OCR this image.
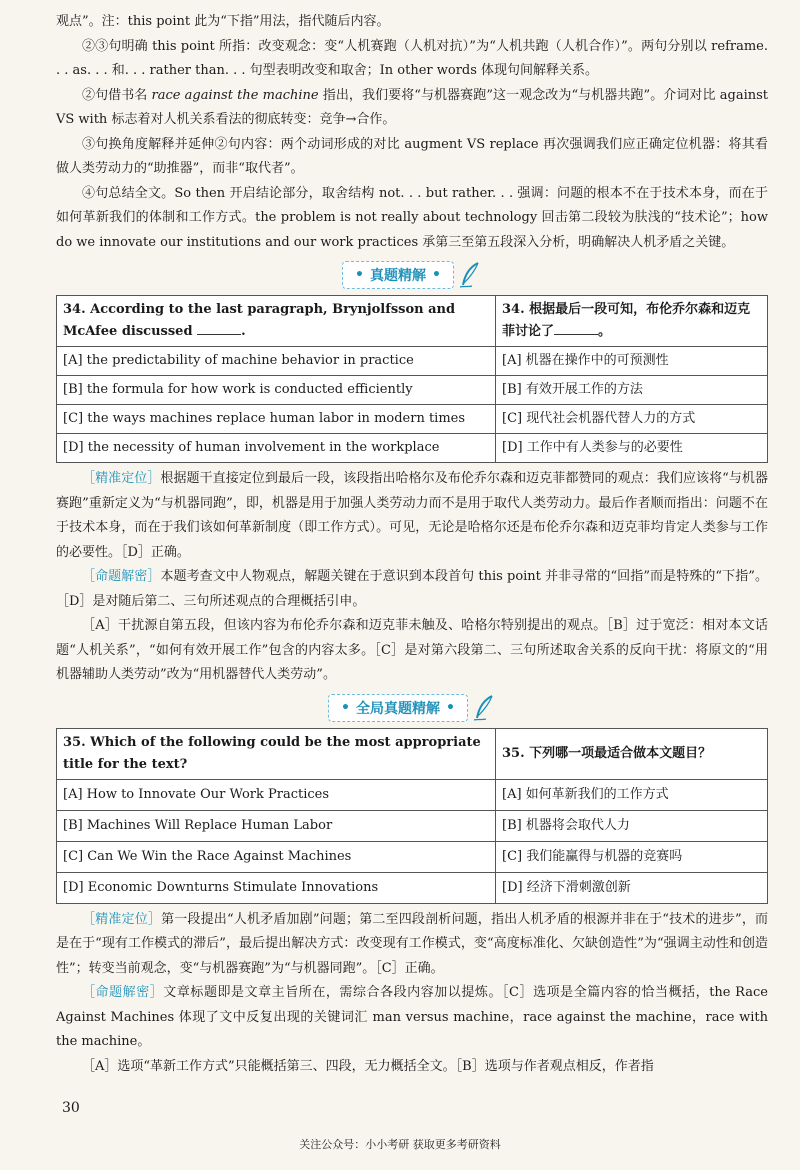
观点”。注：this point 此为“下指”用法，指代随后内容。

②③句明确 this point 所指：改变观念：变“人机赛跑（人机对抗）”为“人机共跑（人机合作）”。两句分别以 reframe. . . as. . . 和. . . rather than. . . 句型表明改变和取舍；In other words 体现句间解释关系。

②句借书名 race against the machine 指出，我们要将“与机器赛跑”这一观念改为“与机器共跑”。介词对比 against VS with 标志着对人机关系看法的彻底转变：竞争→合作。

③句换角度解释并延伸②句内容：两个动词形成的对比 augment VS replace 再次强调我们应正确定位机器：将其看做人类劳动力的“助推器”，而非“取代者”。

④句总结全文。So then 开启结论部分，取舍结构 not. . . but rather. . . 强调：问题的根本不在于技术本身，而在于如何革新我们的体制和工作方式。the problem is not really about technology 回击第二段较为肤浅的“技术论”；how do we innovate our institutions and our work practices 承第三至第五段深入分析，明确解决人机矛盾之关键。

• 真题精解 •
34. According to the last paragraph, Brynjolfsson and McAfee discussed .	34. 根据最后一段可知，布伦乔尔森和迈克菲讨论了 。
[A] the predictability of machine behavior in practice	[A] 机器在操作中的可预测性
[B] the formula for how work is conducted efficiently	[B] 有效开展工作的方法
[C] the ways machines replace human labor in modern times	[C] 现代社会机器代替人力的方式
[D] the necessity of human involvement in the workplace	[D] 工作中有人类参与的必要性

［精准定位］根据题干直接定位到最后一段，该段指出哈格尔及布伦乔尔森和迈克菲都赞同的观点：我们应该将“与机器赛跑”重新定义为“与机器同跑”，即，机器是用于加强人类劳动力而不是用于取代人类劳动力。最后作者顺而指出：问题不在于技术本身，而在于我们该如何革新制度（即工作方式）。可见，无论是哈格尔还是布伦乔尔森和迈克菲均肯定人类参与工作的必要性。［D］正确。

［命题解密］本题考查文中人物观点，解题关键在于意识到本段首句 this point 并非寻常的“回指”而是特殊的“下指”。［D］是对随后第二、三句所述观点的合理概括引申。

［A］干扰源自第五段，但该内容为布伦乔尔森和迈克菲未触及、哈格尔特别提出的观点。［B］过于宽泛：相对本文话题“人机关系”，“如何有效开展工作”包含的内容太多。［C］是对第六段第二、三句所述取舍关系的反向干扰：将原文的“用机器辅助人类劳动”改为“用机器替代人类劳动”。

• 全局真题精解 •
35. Which of the following could be the most appropriate title for the text?	35. 下列哪一项最适合做本文题目？
[A] How to Innovate Our Work Practices	[A] 如何革新我们的工作方式
[B] Machines Will Replace Human Labor	[B] 机器将会取代人力
[C] Can We Win the Race Against Machines	[C] 我们能赢得与机器的竞赛吗
[D] Economic Downturns Stimulate Innovations	[D] 经济下滑刺激创新

［精准定位］第一段提出“人机矛盾加剧”问题；第二至四段剖析问题，指出人机矛盾的根源并非在于“技术的进步”，而是在于“现有工作模式的滞后”，最后提出解决方式：改变现有工作模式，变“高度标准化、欠缺创造性”为“强调主动性和创造性”；转变当前观念，变“与机器赛跑”为“与机器同跑”。［C］正确。

［命题解密］文章标题即是文章主旨所在，需综合各段内容加以提炼。［C］选项是全篇内容的恰当概括，the Race Against Machines 体现了文中反复出现的关键词汇 man versus machine，race against the machine，race with the machine。

［A］选项“革新工作方式”只能概括第三、四段，无力概括全文。［B］选项与作者观点相反，作者指

30
关注公众号：小小考研 获取更多考研资料
